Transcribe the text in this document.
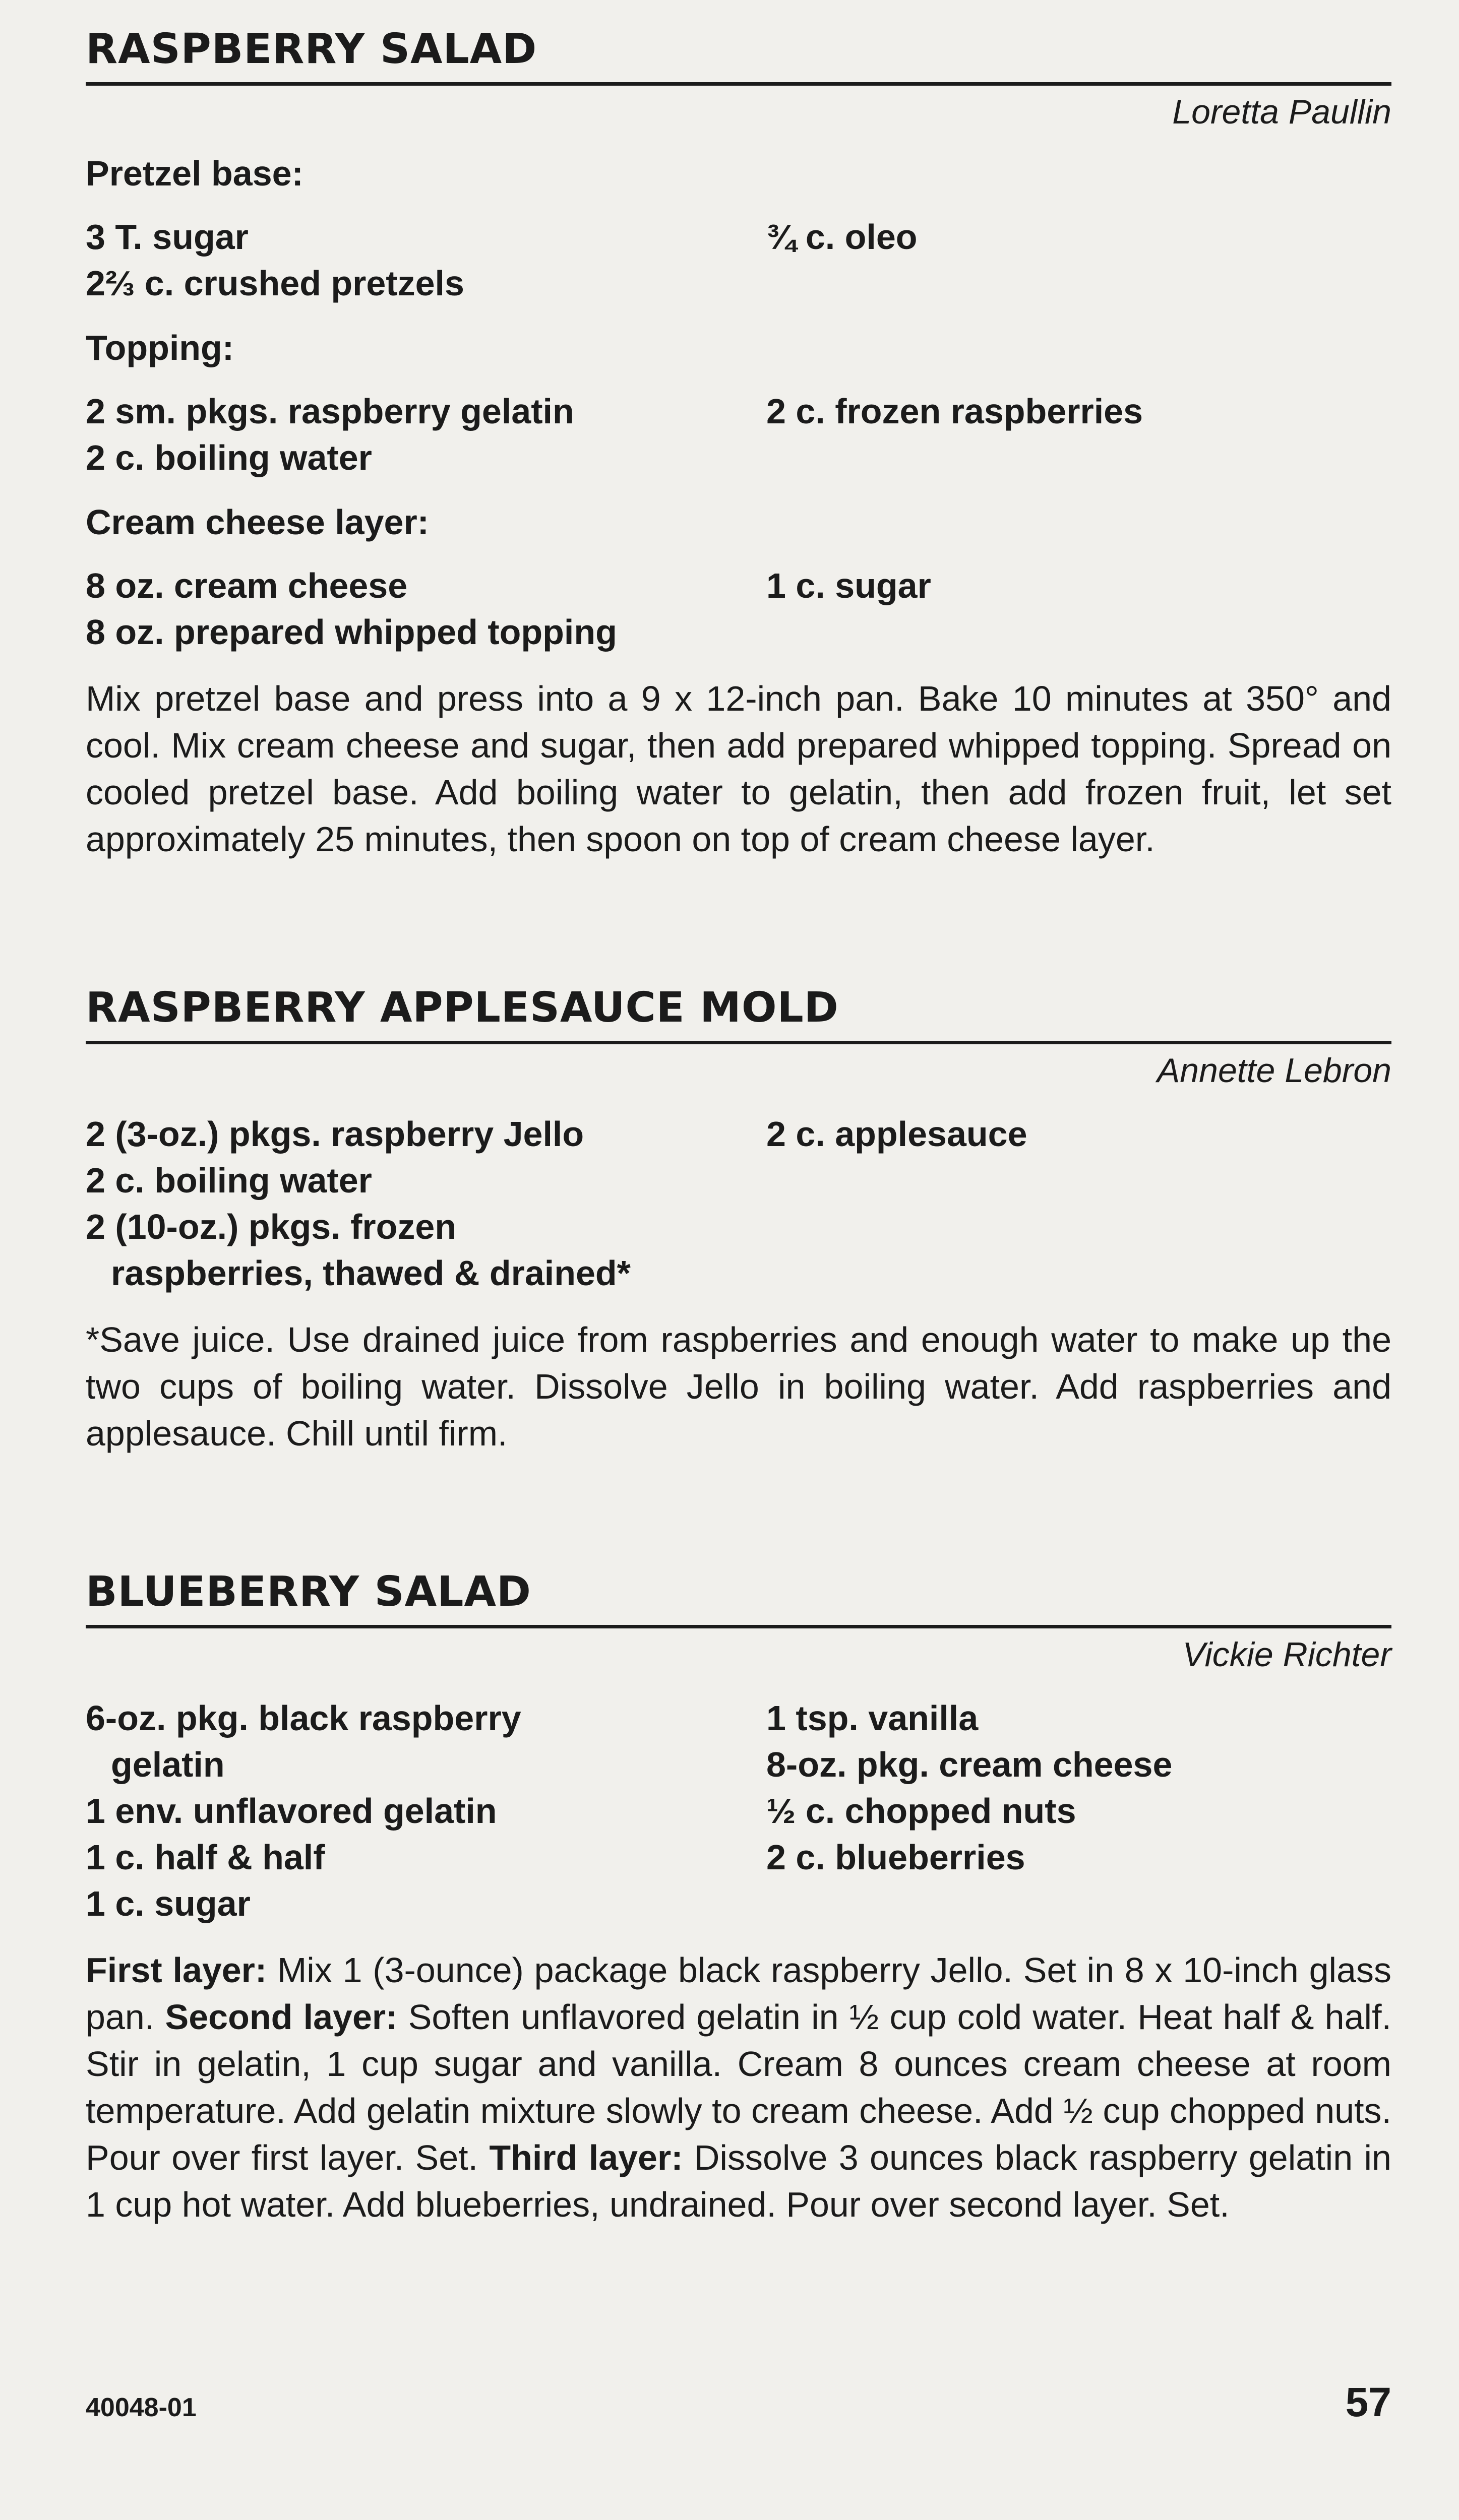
RASPBERRY SALAD
Loretta Paullin
Pretzel base:
3 T. sugar
2⅔ c. crushed pretzels
¾ c. oleo
Topping:
2 sm. pkgs. raspberry gelatin
2 c. boiling water
2 c. frozen raspberries
Cream cheese layer:
8 oz. cream cheese
8 oz. prepared whipped topping
1 c. sugar

Mix pretzel base and press into a 9 x 12-inch pan. Bake 10 minutes at 350° and cool. Mix cream cheese and sugar, then add prepared whipped topping. Spread on cooled pretzel base. Add boiling water to gelatin, then add frozen fruit, let set approximately 25 minutes, then spoon on top of cream cheese layer.

RASPBERRY APPLESAUCE MOLD
Annette Lebron
2 (3-oz.) pkgs. raspberry Jello
2 c. boiling water
2 (10-oz.) pkgs. frozen
raspberries, thawed & drained*
2 c. applesauce

*Save juice. Use drained juice from raspberries and enough water to make up the two cups of boiling water. Dissolve Jello in boiling water. Add raspberries and applesauce. Chill until firm.

BLUEBERRY SALAD
Vickie Richter
6-oz. pkg. black raspberry
gelatin
1 env. unflavored gelatin
1 c. half & half
1 c. sugar
1 tsp. vanilla
8-oz. pkg. cream cheese
½ c. chopped nuts
2 c. blueberries

First layer: Mix 1 (3-ounce) package black raspberry Jello. Set in 8 x 10-inch glass pan. Second layer: Soften unflavored gelatin in ½ cup cold water. Heat half & half. Stir in gelatin, 1 cup sugar and vanilla. Cream 8 ounces cream cheese at room temperature. Add gelatin mixture slowly to cream cheese. Add ½ cup chopped nuts. Pour over first layer. Set. Third layer: Dissolve 3 ounces black raspberry gelatin in 1 cup hot water. Add blueberries, undrained. Pour over second layer. Set.

40048-01	57
